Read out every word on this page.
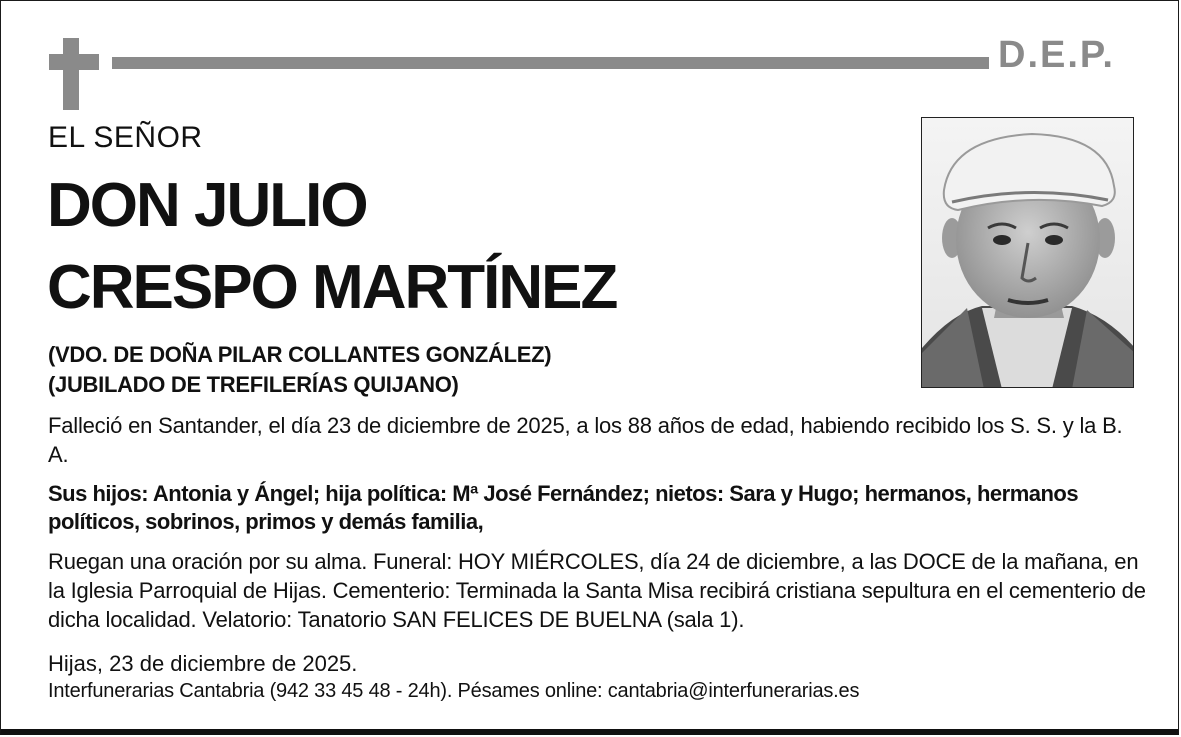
D.E.P.
EL SEÑOR
DON JULIO
CRESPO MARTÍNEZ
(VDO. DE DOÑA PILAR COLLANTES GONZÁLEZ)
(JUBILADO DE TREFILERÍAS QUIJANO)
Falleció en Santander, el día 23 de diciembre de 2025, a los 88 años de edad, habiendo recibido los S. S. y la B. A.
Sus hijos: Antonia y Ángel; hija política: Mª José Fernández; nietos: Sara y Hugo; hermanos, hermanos políticos, sobrinos, primos y demás familia,
Ruegan una oración por su alma. Funeral: HOY MIÉRCOLES, día 24 de diciembre, a las DOCE de la mañana, en la Iglesia Parroquial de Hijas. Cementerio: Terminada la Santa Misa recibirá cristiana sepultura en el cementerio de dicha localidad. Velatorio: Tanatorio SAN FELICES DE BUELNA (sala 1).
Hijas, 23 de diciembre de 2025.
Interfunerarias Cantabria (942 33 45 48 - 24h). Pésames online: cantabria@interfunerarias.es
